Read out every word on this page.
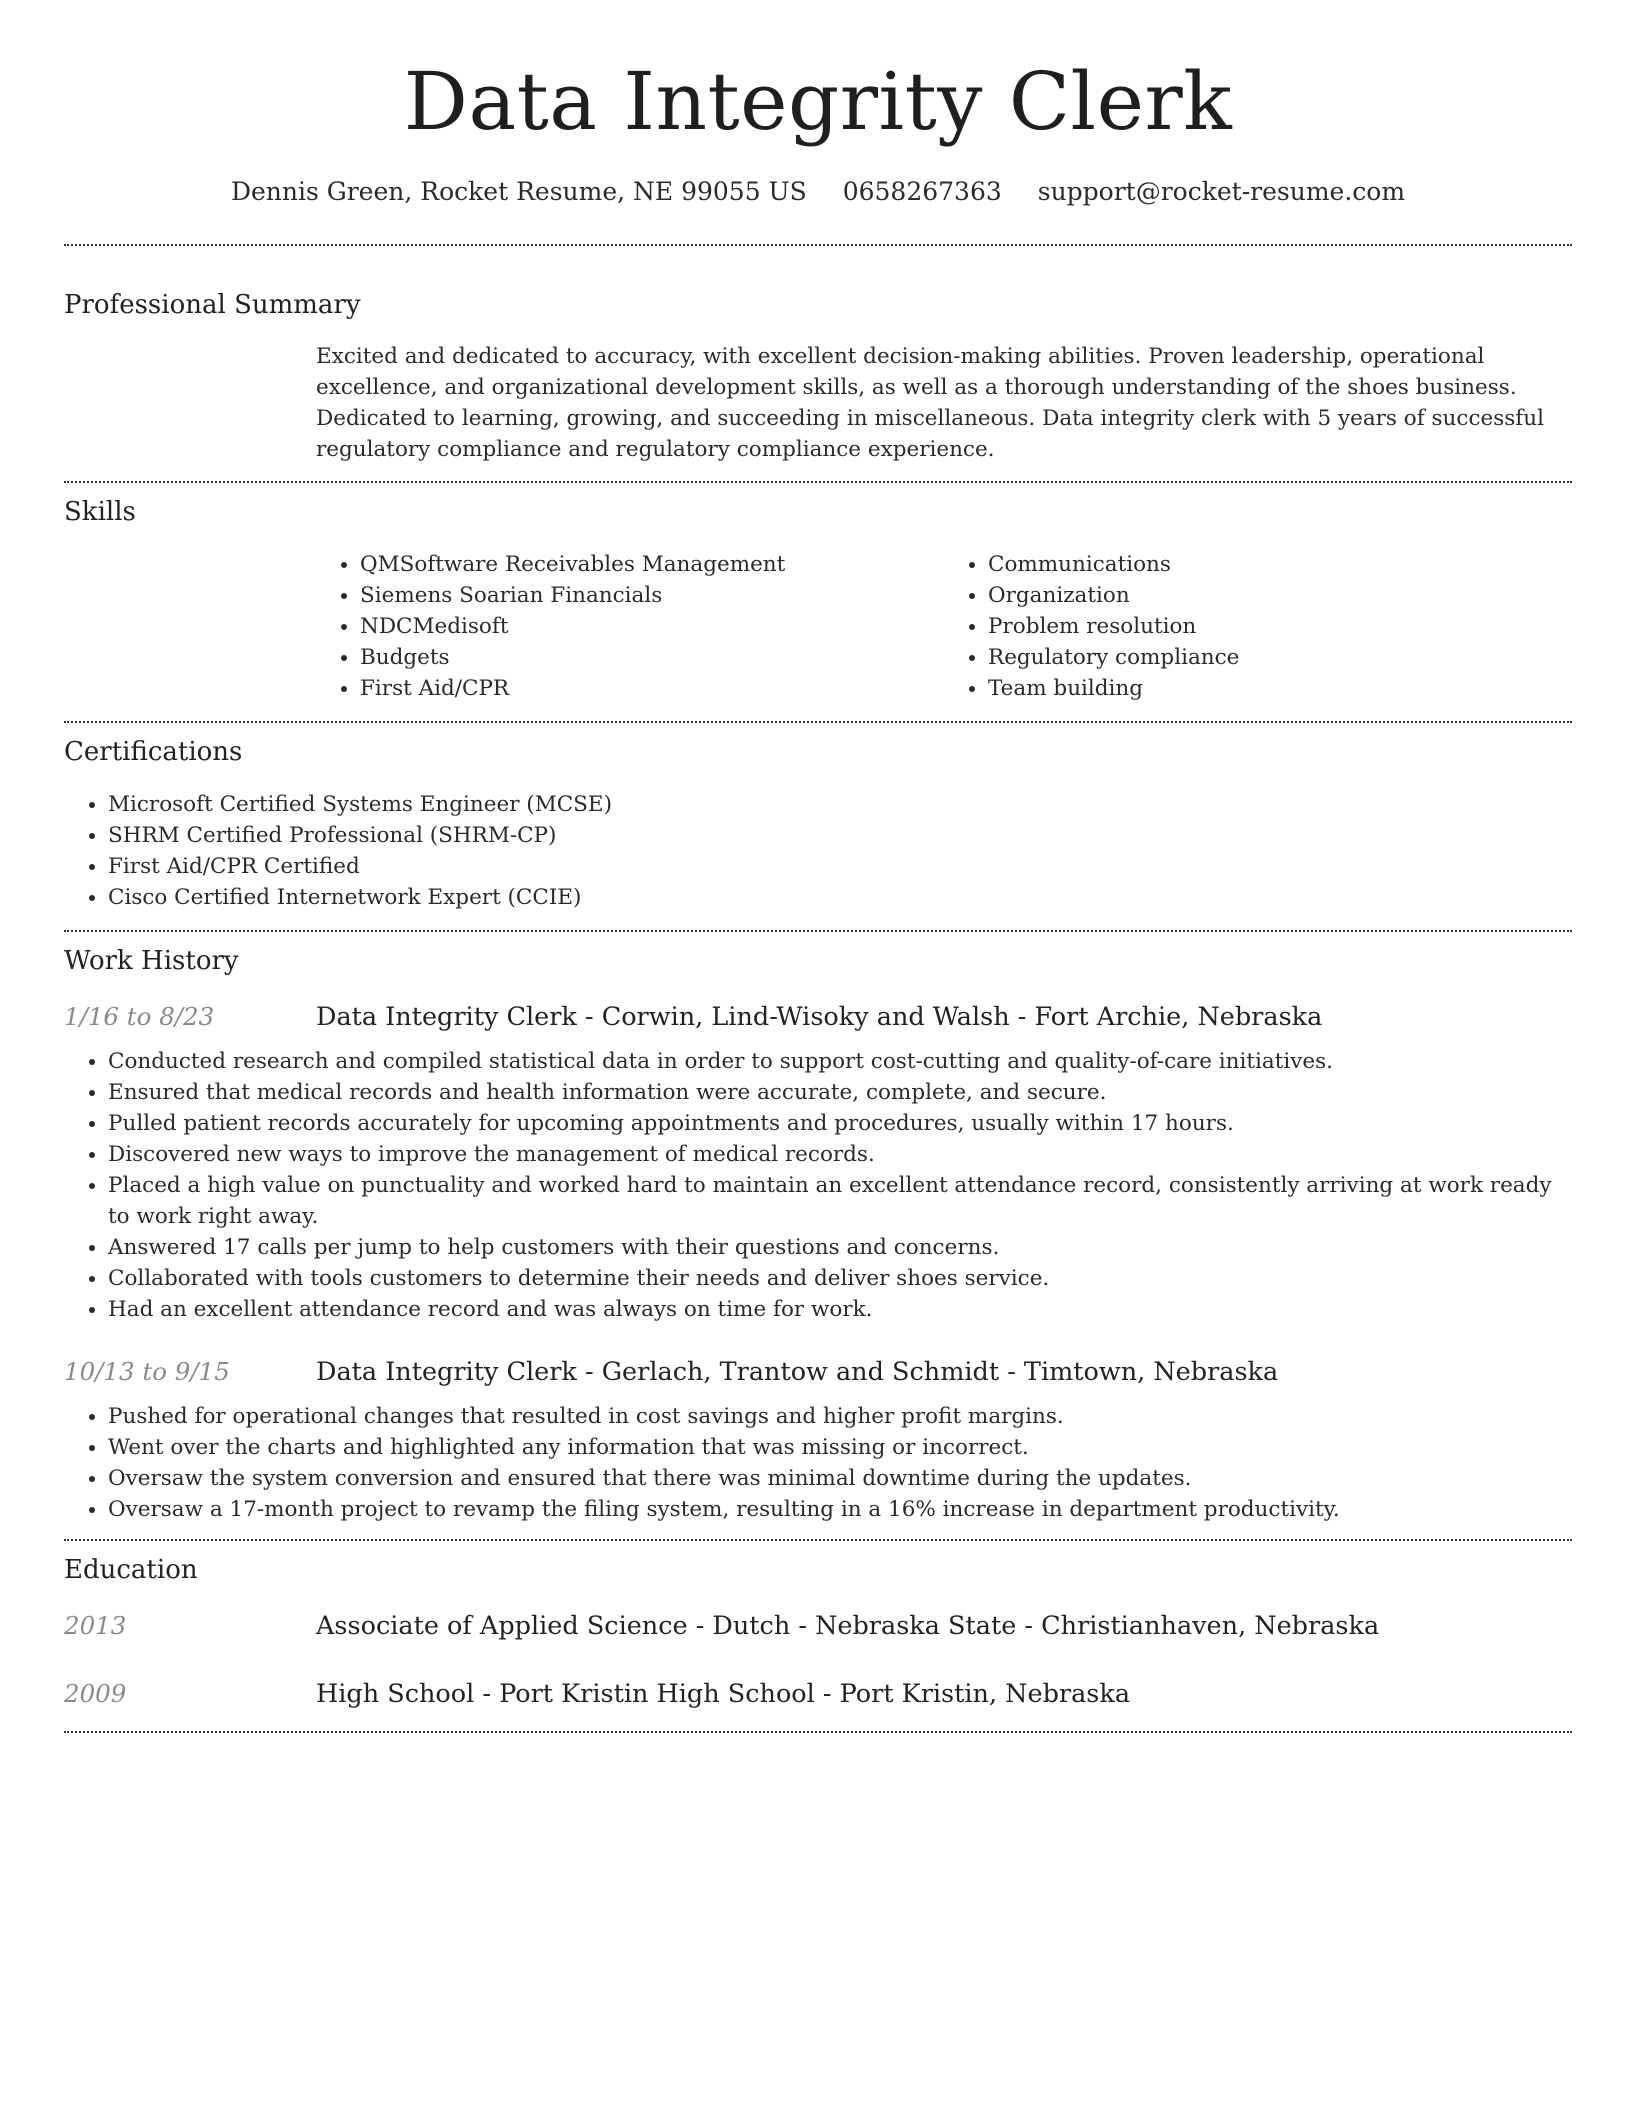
Data Integrity Clerk
Dennis Green, Rocket Resume, NE 99055 US 0658267363 support@rocket-resume.com
Professional Summary
Excited and dedicated to accuracy, with excellent decision-making abilities. Proven leadership, operational excellence, and organizational development skills, as well as a thorough understanding of the shoes business. Dedicated to learning, growing, and succeeding in miscellaneous. Data integrity clerk with 5 years of successful regulatory compliance and regulatory compliance experience.
Skills
• QMSoftware Receivables Management
• Siemens Soarian Financials
• NDCMedisoft
• Budgets
• First Aid/CPR
• Communications
• Organization
• Problem resolution
• Regulatory compliance
• Team building
Certifications
• Microsoft Certified Systems Engineer (MCSE)
• SHRM Certified Professional (SHRM-CP)
• First Aid/CPR Certified
• Cisco Certified Internetwork Expert (CCIE)
Work History
1/16 to 8/23	Data Integrity Clerk - Corwin, Lind-Wisoky and Walsh - Fort Archie, Nebraska
• Conducted research and compiled statistical data in order to support cost-cutting and quality-of-care initiatives.
• Ensured that medical records and health information were accurate, complete, and secure.
• Pulled patient records accurately for upcoming appointments and procedures, usually within 17 hours.
• Discovered new ways to improve the management of medical records.
• Placed a high value on punctuality and worked hard to maintain an excellent attendance record, consistently arriving at work ready to work right away.
• Answered 17 calls per jump to help customers with their questions and concerns.
• Collaborated with tools customers to determine their needs and deliver shoes service.
• Had an excellent attendance record and was always on time for work.
10/13 to 9/15	Data Integrity Clerk - Gerlach, Trantow and Schmidt - Timtown, Nebraska
• Pushed for operational changes that resulted in cost savings and higher profit margins.
• Went over the charts and highlighted any information that was missing or incorrect.
• Oversaw the system conversion and ensured that there was minimal downtime during the updates.
• Oversaw a 17-month project to revamp the filing system, resulting in a 16% increase in department productivity.
Education
2013	Associate of Applied Science - Dutch - Nebraska State - Christianhaven, Nebraska
2009	High School - Port Kristin High School - Port Kristin, Nebraska
